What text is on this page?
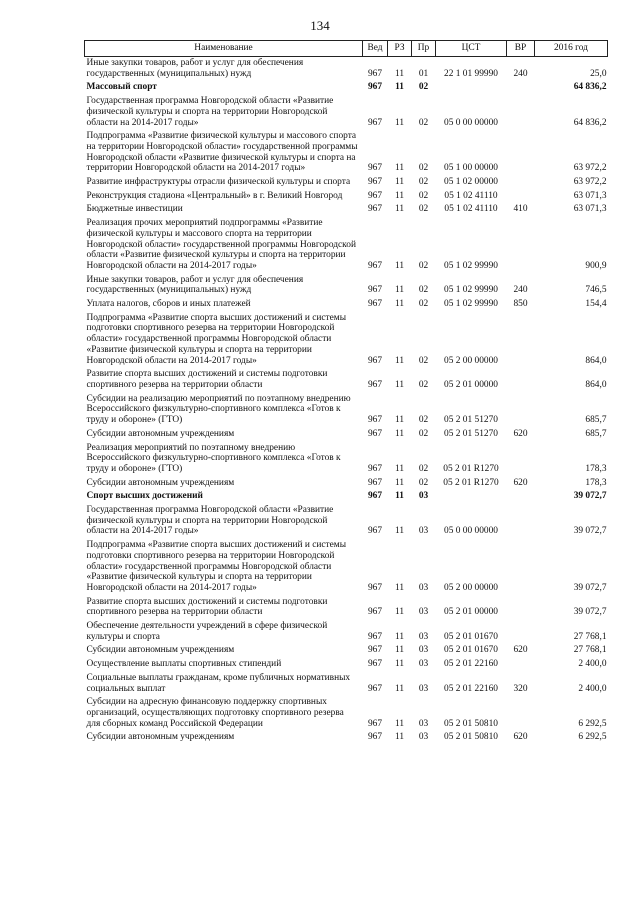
134
Наименование	Вед	РЗ	Пр	ЦСТ	ВР	2016 год
Иные закупки товаров, работ и услуг для обеспечения государственных (муниципальных) нужд	967	11	01	22 1 01 99990	240	25,0
Массовый спорт	967	11	02			64 836,2
Государственная программа Новгородской области «Развитие физической культуры и спорта на территории Новгородской области на 2014-2017 годы»	967	11	02	05 0 00 00000		64 836,2
Подпрограмма «Развитие физической культуры и массового спорта на территории Новгородской области» государственной программы Новгородской области «Развитие физической культуры и спорта на территории Новгородской области на 2014-2017 годы»	967	11	02	05 1 00 00000		63 972,2
Развитие инфраструктуры отрасли физической культуры и спорта	967	11	02	05 1 02 00000		63 972,2
Реконструкция стадиона «Центральный» в г. Великий Новгород	967	11	02	05 1 02 41110		63 071,3
Бюджетные инвестиции	967	11	02	05 1 02 41110	410	63 071,3
Реализация прочих мероприятий подпрограммы «Развитие физической культуры и массового спорта на территории Новгородской области» государственной программы Новгородской области «Развитие физической культуры и спорта на территории Новгородской области на 2014-2017 годы»	967	11	02	05 1 02 99990		900,9
Иные закупки товаров, работ и услуг для обеспечения государственных (муниципальных) нужд	967	11	02	05 1 02 99990	240	746,5
Уплата налогов, сборов и иных платежей	967	11	02	05 1 02 99990	850	154,4
Подпрограмма «Развитие спорта высших достижений и системы подготовки спортивного резерва на территории Новгородской области» государственной программы Новгородской области «Развитие физической культуры и спорта на территории Новгородской области на 2014-2017 годы»	967	11	02	05 2 00 00000		864,0
Развитие спорта высших достижений и системы подготовки спортивного резерва на территории области	967	11	02	05 2 01 00000		864,0
Субсидии на реализацию мероприятий по поэтапному внедрению Всероссийского физкультурно-спортивного комплекса «Готов к труду и обороне» (ГТО)	967	11	02	05 2 01 51270		685,7
Субсидии автономным учреждениям	967	11	02	05 2 01 51270	620	685,7
Реализация мероприятий по поэтапному внедрению Всероссийского физкультурно-спортивного комплекса «Готов к труду и обороне» (ГТО)	967	11	02	05 2 01 R1270		178,3
Субсидии автономным учреждениям	967	11	02	05 2 01 R1270	620	178,3
Спорт высших достижений	967	11	03			39 072,7
Государственная программа Новгородской области «Развитие физической культуры и спорта на территории Новгородской области на 2014-2017 годы»	967	11	03	05 0 00 00000		39 072,7
Подпрограмма «Развитие спорта высших достижений и системы подготовки спортивного резерва на территории Новгородской области» государственной программы Новгородской области «Развитие физической культуры и спорта на территории Новгородской области на 2014-2017 годы»	967	11	03	05 2 00 00000		39 072,7
Развитие спорта высших достижений и системы подготовки спортивного резерва на территории области	967	11	03	05 2 01 00000		39 072,7
Обеспечение деятельности учреждений в сфере физической культуры и спорта	967	11	03	05 2 01 01670		27 768,1
Субсидии автономным учреждениям	967	11	03	05 2 01 01670	620	27 768,1
Осуществление выплаты спортивных стипендий	967	11	03	05 2 01 22160		2 400,0
Социальные выплаты гражданам, кроме публичных нормативных социальных выплат	967	11	03	05 2 01 22160	320	2 400,0
Субсидии на адресную финансовую поддержку спортивных организаций, осуществляющих подготовку спортивного резерва для сборных команд Российской Федерации	967	11	03	05 2 01 50810		6 292,5
Субсидии автономным учреждениям	967	11	03	05 2 01 50810	620	6 292,5
